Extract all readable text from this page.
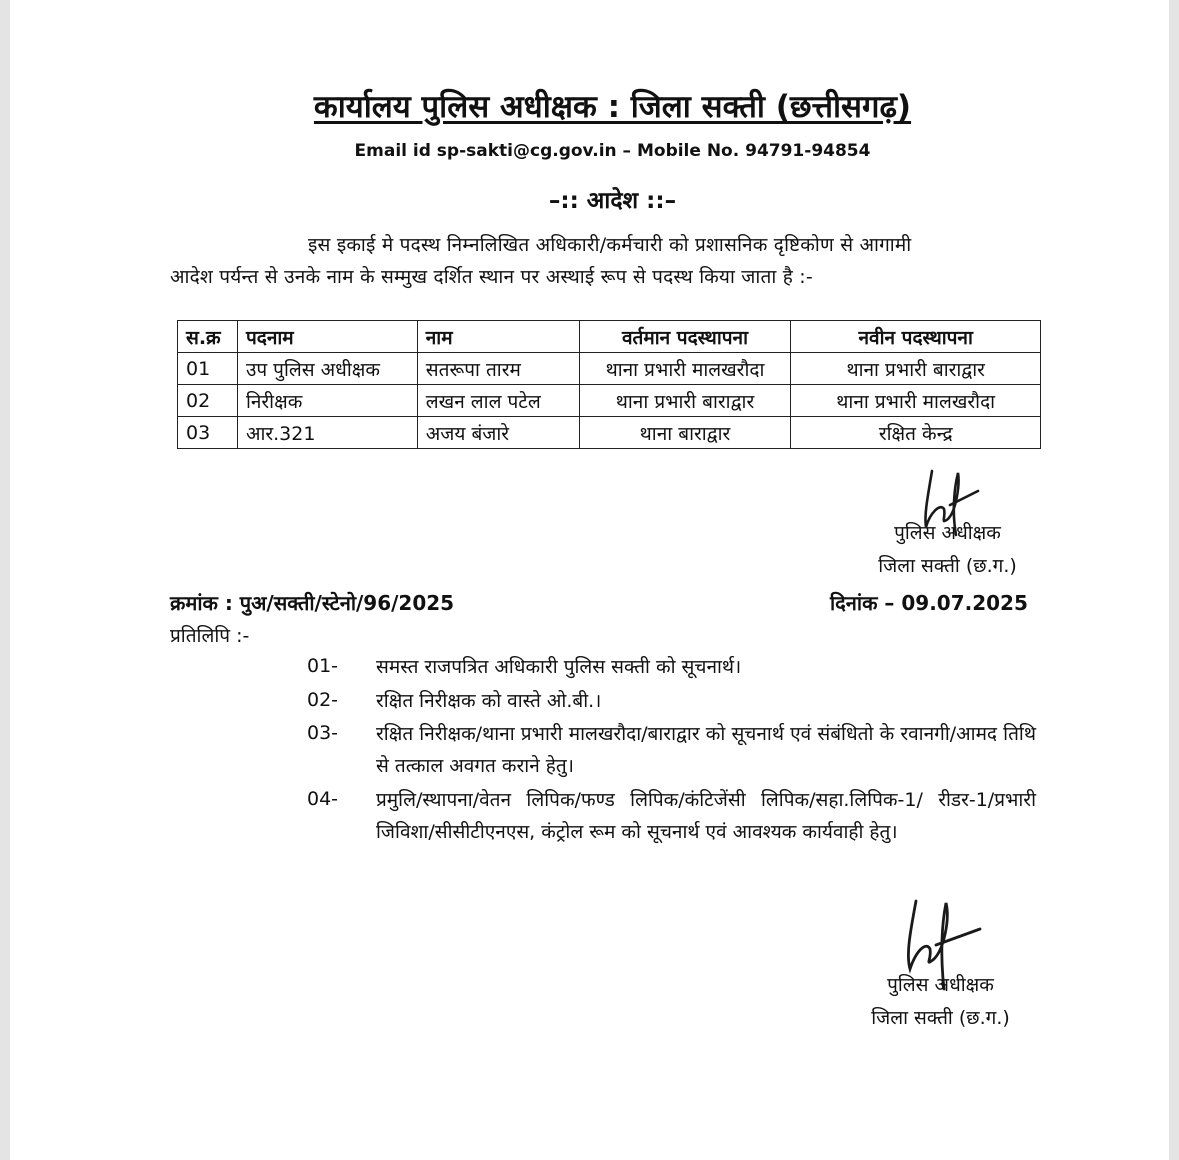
कार्यालय पुलिस अधीक्षक : जिला सक्ती (छत्तीसगढ़)
Email id sp-sakti@cg.gov.in – Mobile No. 94791-94854
–:: आदेश ::–
इस इकाई मे पदस्थ निम्नलिखित अधिकारी/कर्मचारी को प्रशासनिक दृष्टिकोण से आगामी
आदेश पर्यन्त से उनके नाम के सम्मुख दर्शित स्थान पर अस्थाई रूप से पदस्थ किया जाता है :-
स.क्र	पदनाम	नाम	वर्तमान पदस्थापना	नवीन पदस्थापना
01	उप पुलिस अधीक्षक	सतरूपा तारम	थाना प्रभारी मालखरौदा	थाना प्रभारी बाराद्वार
02	निरीक्षक	लखन लाल पटेल	थाना प्रभारी बाराद्वार	थाना प्रभारी मालखरौदा
03	आर.321	अजय बंजारे	थाना बाराद्वार	रक्षित केन्द्र
पुलिस अधीक्षक
जिला सक्ती (छ.ग.)
क्रमांक : पुअ/सक्ती/स्टेनो/96/2025	दिनांक – 09.07.2025
प्रतिलिपि :-
01- समस्त राजपत्रित अधिकारी पुलिस सक्ती को सूचनार्थ।
02- रक्षित निरीक्षक को वास्ते ओ.बी.।
03- रक्षित निरीक्षक/थाना प्रभारी मालखरौदा/बाराद्वार को सूचनार्थ एवं संबंधितो के रवानगी/आमद तिथि से तत्काल अवगत कराने हेतु।
04- प्रमुलि/स्थापना/वेतन लिपिक/फण्ड लिपिक/कंटिजेंसी लिपिक/सहा.लिपिक-1/ रीडर-1/प्रभारी जिविशा/सीसीटीएनएस, कंट्रोल रूम को सूचनार्थ एवं आवश्यक कार्यवाही हेतु।
पुलिस अधीक्षक
जिला सक्ती (छ.ग.)
